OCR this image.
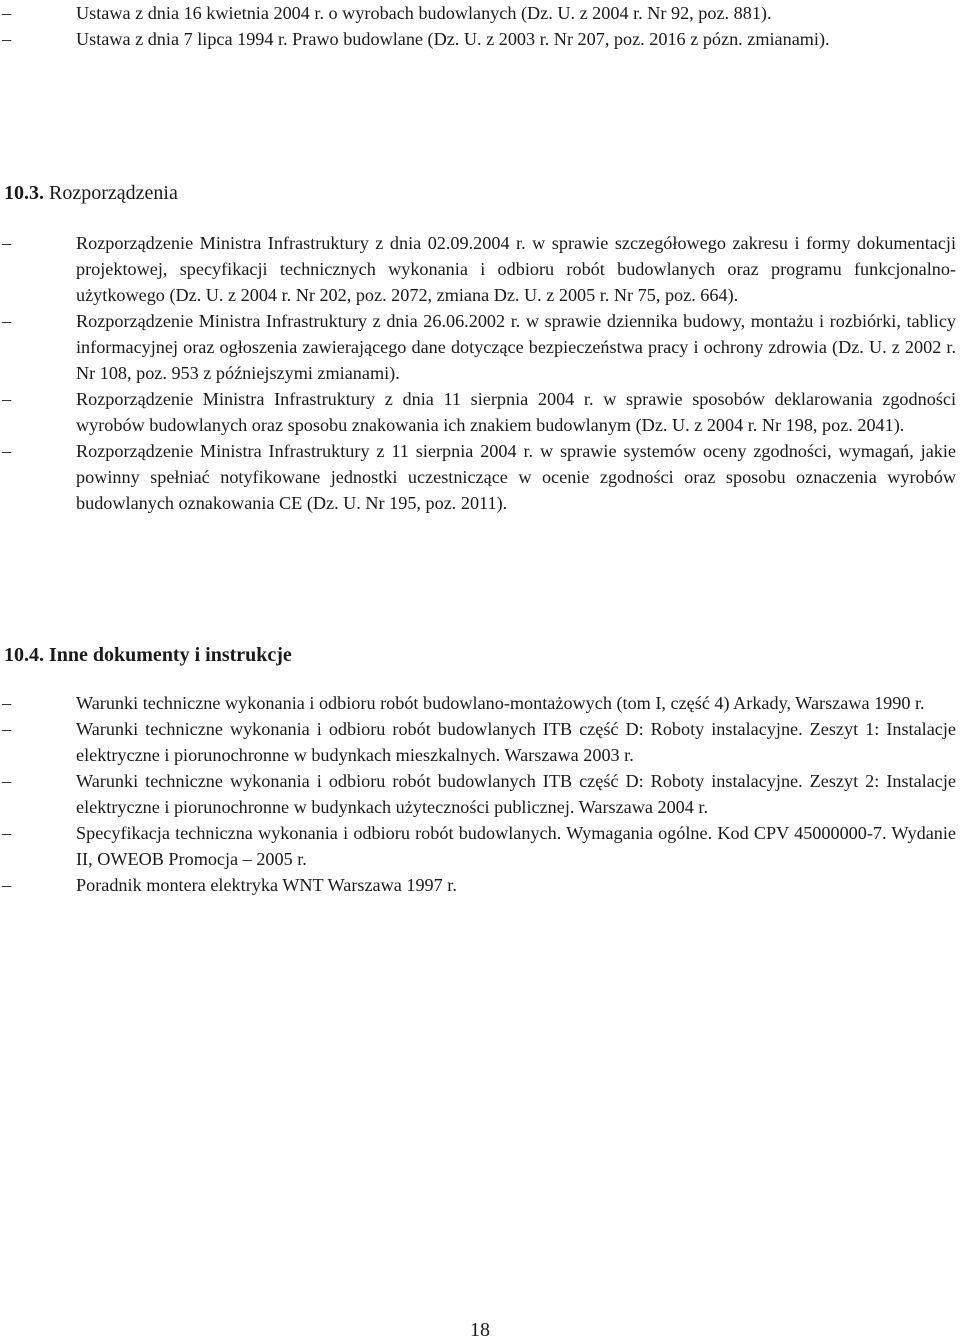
–	Ustawa z dnia 16 kwietnia 2004 r. o wyrobach budowlanych (Dz. U. z 2004 r. Nr 92, poz. 881).
–	Ustawa z dnia 7 lipca 1994 r. Prawo budowlane (Dz. U. z 2003 r. Nr 207, poz. 2016 z pózn. zmianami).
10.3. Rozporządzenia
–	Rozporządzenie Ministra Infrastruktury z dnia 02.09.2004 r. w sprawie szczegółowego zakresu i formy dokumentacji projektowej, specyfikacji technicznych wykonania i odbioru robót budowlanych oraz programu funkcjonalno-użytkowego (Dz. U. z 2004 r. Nr 202, poz. 2072, zmiana Dz. U. z 2005 r. Nr 75, poz. 664).
–	Rozporządzenie Ministra Infrastruktury z dnia 26.06.2002 r. w sprawie dziennika budowy, montażu i rozbiórki, tablicy informacyjnej oraz ogłoszenia zawierającego dane dotyczące bezpieczeństwa pracy i ochrony zdrowia (Dz. U. z 2002 r. Nr 108, poz. 953 z późniejszymi zmianami).
–	Rozporządzenie Ministra Infrastruktury z dnia 11 sierpnia 2004 r. w sprawie sposobów deklarowania zgodności wyrobów budowlanych oraz sposobu znakowania ich znakiem budowlanym (Dz. U. z 2004 r. Nr 198, poz. 2041).
–	Rozporządzenie Ministra Infrastruktury z 11 sierpnia 2004 r. w sprawie systemów oceny zgodności, wymagań, jakie powinny spełniać notyfikowane jednostki uczestniczące w ocenie zgodności oraz sposobu oznaczenia wyrobów budowlanych oznakowania CE (Dz. U. Nr 195, poz. 2011).
10.4. Inne dokumenty i instrukcje
–	Warunki techniczne wykonania i odbioru robót budowlano-montażowych (tom I, część 4) Arkady, Warszawa 1990 r.
–	Warunki techniczne wykonania i odbioru robót budowlanych ITB część D: Roboty instalacyjne. Zeszyt 1: Instalacje elektryczne i piorunochronne w budynkach mieszkalnych. Warszawa 2003 r.
–	Warunki techniczne wykonania i odbioru robót budowlanych ITB część D: Roboty instalacyjne. Zeszyt 2: Instalacje elektryczne i piorunochronne w budynkach użyteczności publicznej. Warszawa 2004 r.
–	Specyfikacja techniczna wykonania i odbioru robót budowlanych. Wymagania ogólne. Kod CPV 45000000-7. Wydanie II, OWEOB Promocja – 2005 r.
–	Poradnik montera elektryka WNT Warszawa 1997 r.
18
